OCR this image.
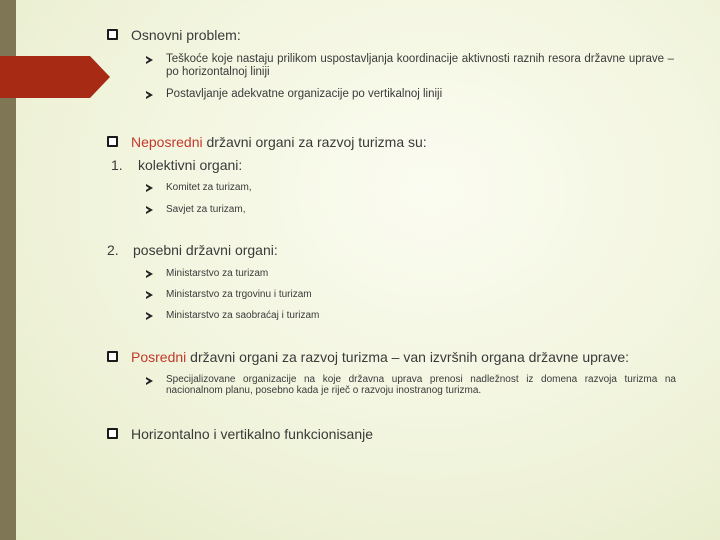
Osnovni problem:
Teškoće koje nastaju prilikom uspostavljanja koordinacije aktivnosti raznih resora državne uprave – po horizontalnoj liniji
Postavljanje adekvatne organizacije po vertikalnoj liniji
Neposredni državni organi za razvoj turizma su:
1. kolektivni organi:
Komitet za turizam,
Savjet za turizam,
2. posebni državni organi:
Ministarstvo za turizam
Ministarstvo za trgovinu i turizam
Ministarstvo za saobraćaj i turizam
Posredni državni organi za razvoj turizma – van izvršnih organa državne uprave:
Specijalizovane organizacije na koje državna uprava prenosi nadležnost iz domena razvoja turizma na nacionalnom planu, posebno kada je riječ o razvoju inostranog turizma.
Horizontalno i vertikalno funkcionisanje
